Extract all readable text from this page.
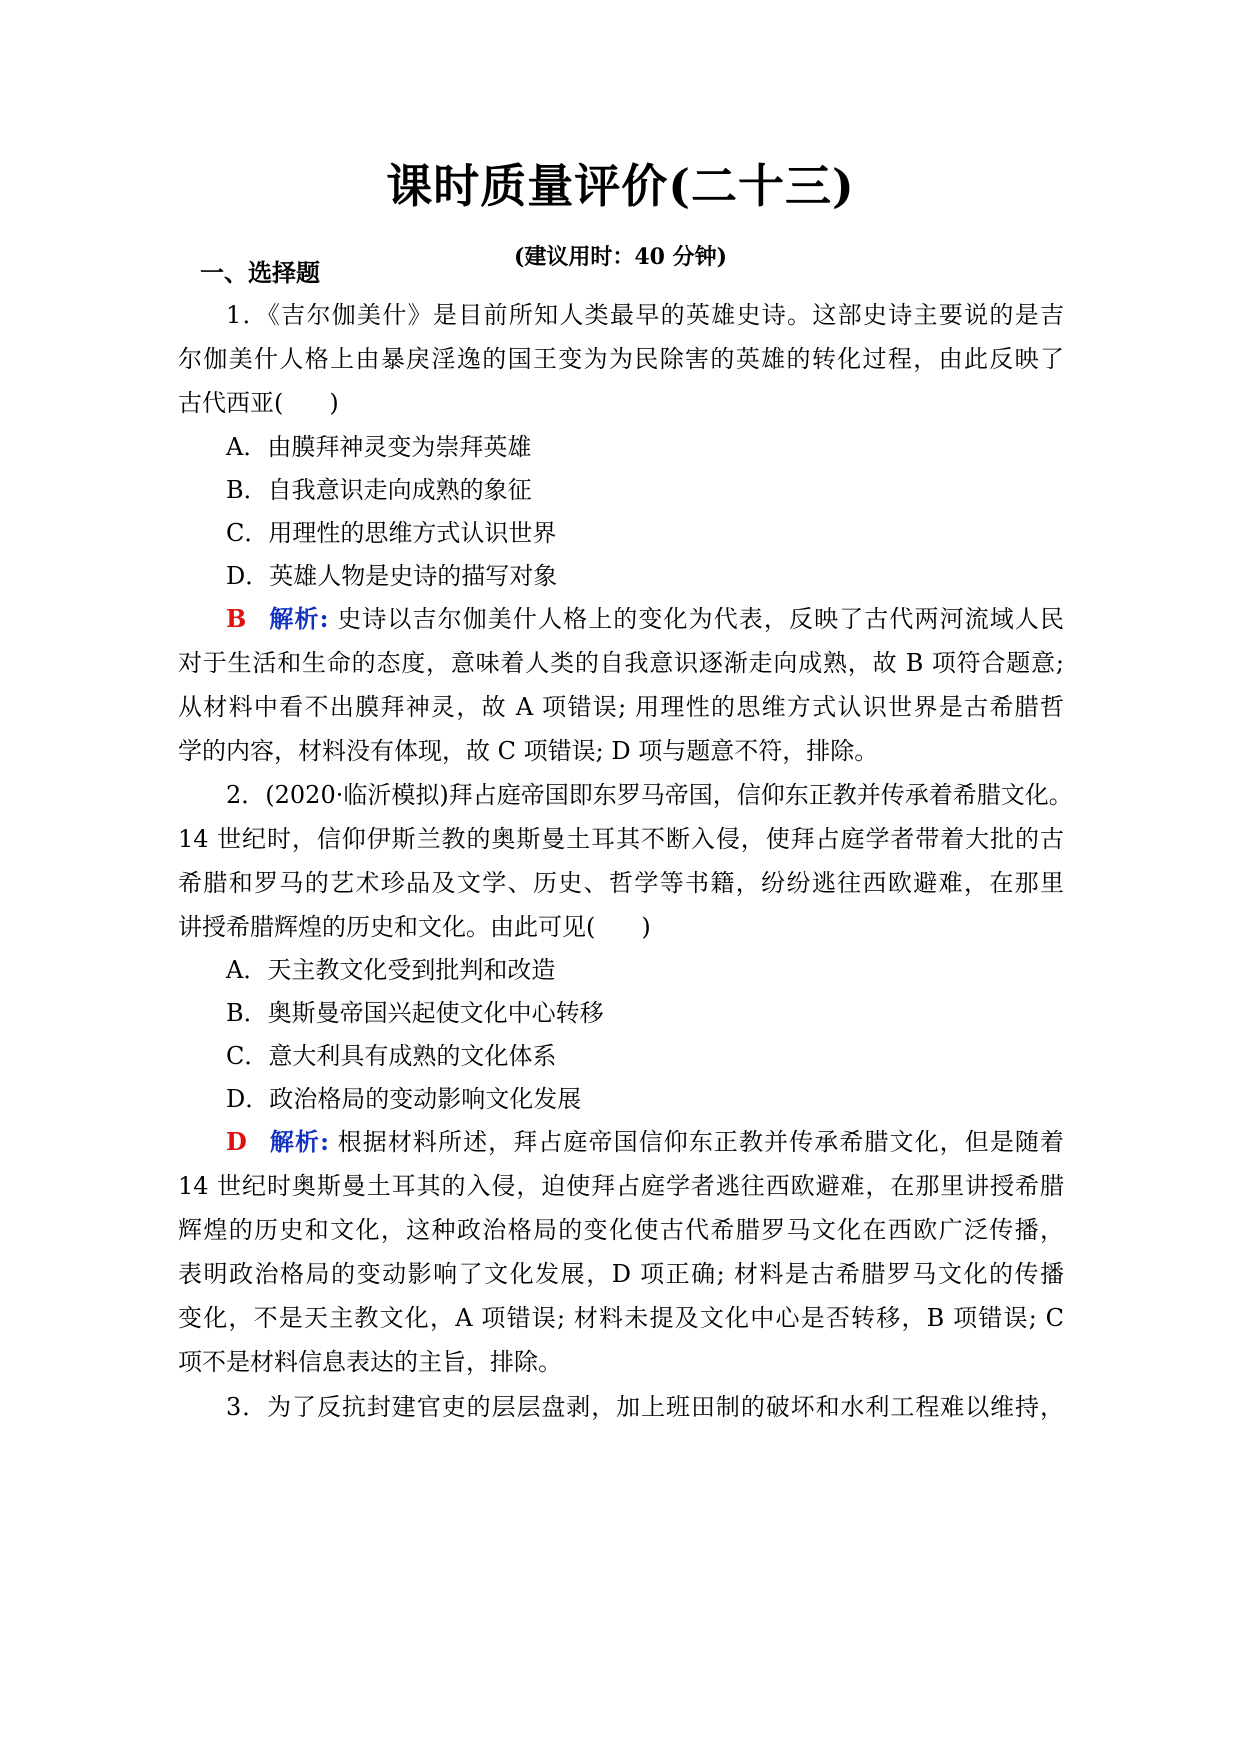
课时质量评价(二十三)
(建议用时：40 分钟)
一、选择题
1．《吉尔伽美什》是目前所知人类最早的英雄史诗。这部史诗主要说的是吉
尔伽美什人格上由暴戾淫逸的国王变为为民除害的英雄的转化过程，由此反映了
古代西亚( )
A．由膜拜神灵变为崇拜英雄
B．自我意识走向成熟的象征
C．用理性的思维方式认识世界
D．英雄人物是史诗的描写对象
B 解析: 史诗以吉尔伽美什人格上的变化为代表，反映了古代两河流域人民
对于生活和生命的态度，意味着人类的自我意识逐渐走向成熟，故 B 项符合题意;
从材料中看不出膜拜神灵，故 A 项错误; 用理性的思维方式认识世界是古希腊哲
学的内容，材料没有体现，故 C 项错误; D 项与题意不符，排除。
2．(2020·临沂模拟)拜占庭帝国即东罗马帝国，信仰东正教并传承着希腊文化。
14 世纪时，信仰伊斯兰教的奥斯曼土耳其不断入侵，使拜占庭学者带着大批的古
希腊和罗马的艺术珍品及文学、历史、哲学等书籍，纷纷逃往西欧避难，在那里
讲授希腊辉煌的历史和文化。由此可见( )
A．天主教文化受到批判和改造
B．奥斯曼帝国兴起使文化中心转移
C．意大利具有成熟的文化体系
D．政治格局的变动影响文化发展
D 解析: 根据材料所述，拜占庭帝国信仰东正教并传承希腊文化，但是随着
14 世纪时奥斯曼土耳其的入侵，迫使拜占庭学者逃往西欧避难，在那里讲授希腊
辉煌的历史和文化，这种政治格局的变化使古代希腊罗马文化在西欧广泛传播，
表明政治格局的变动影响了文化发展，D 项正确; 材料是古希腊罗马文化的传播
变化，不是天主教文化，A 项错误; 材料未提及文化中心是否转移，B 项错误; C
项不是材料信息表达的主旨，排除。
3．为了反抗封建官吏的层层盘剥，加上班田制的破坏和水利工程难以维持，
